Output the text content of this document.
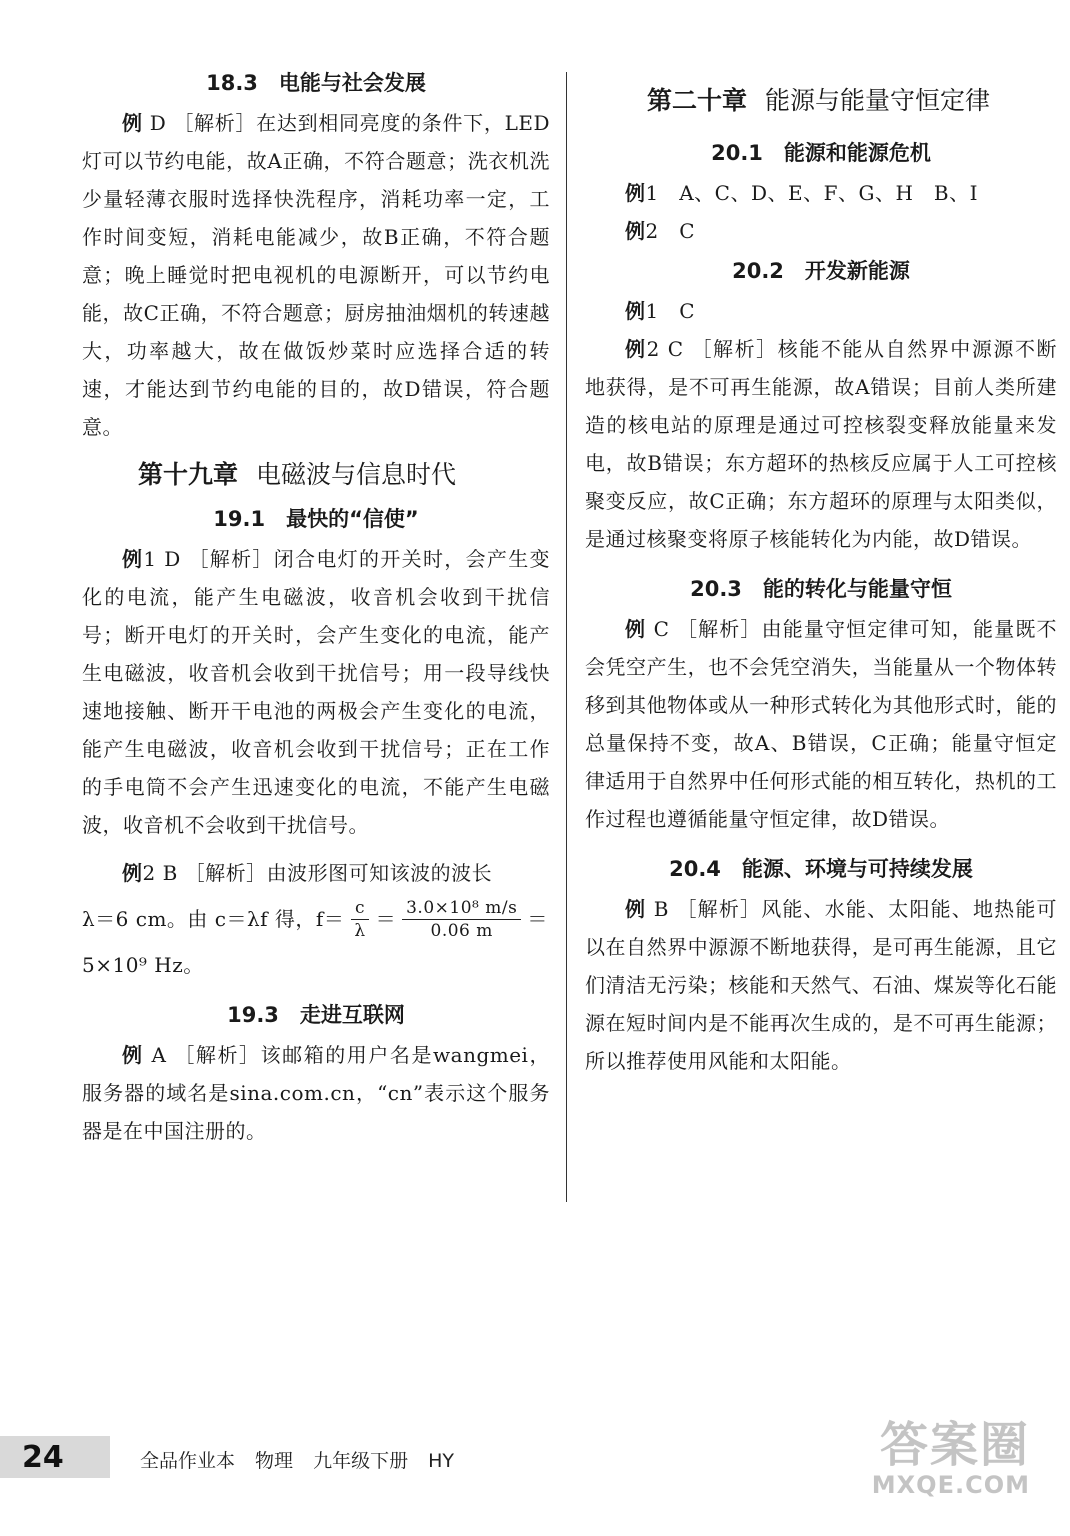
18.3　电能与社会发展

例 D ［解析］在达到相同亮度的条件下，LED灯可以节约电能，故A正确，不符合题意；洗衣机洗少量轻薄衣服时选择快洗程序，消耗功率一定，工作时间变短，消耗电能减少，故B正确，不符合题意；晚上睡觉时把电视机的电源断开，可以节约电能，故C正确，不符合题意；厨房抽油烟机的转速越大，功率越大，故在做饭炒菜时应选择合适的转速，才能达到节约电能的目的，故D错误，符合题意。

第十九章 电磁波与信息时代
19.1　最快的“信使”

例1 D ［解析］闭合电灯的开关时，会产生变化的电流，能产生电磁波，收音机会收到干扰信号；断开电灯的开关时，会产生变化的电流，能产生电磁波，收音机会收到干扰信号；用一段导线快速地接触、断开干电池的两极会产生变化的电流，能产生电磁波，收音机会收到干扰信号；正在工作的手电筒不会产生迅速变化的电流，不能产生电磁波，收音机不会收到干扰信号。

例2 B ［解析］由波形图可知该波的波长

λ＝6 cm。由 c＝λf 得，$f= \frac{c}{\lambda} = \frac{\text{3.0×10⁸ m/s}}{0.06 m}$ ＝

5×10⁹ Hz。

19.3　走进互联网

例 A ［解析］该邮箱的用户名是wangmei，服务器的域名是sina.com.cn，“cn”表示这个服务器是在中国注册的。

第二十章 能源与能量守恒定律
20.1　能源和能源危机

例1　 A、C、D、E、F、G、H　B、I

例2　 C

20.2　开发新能源

例1　 C

例2 C ［解析］核能不能从自然界中源源不断地获得，是不可再生能源，故A错误；目前人类所建造的核电站的原理是通过可控核裂变释放能量来发电，故B错误；东方超环的热核反应属于人工可控核聚变反应，故C正确；东方超环的原理与太阳类似，是通过核聚变将原子核能转化为内能，故D错误。

20.3　能的转化与能量守恒

例 C ［解析］由能量守恒定律可知，能量既不会凭空产生，也不会凭空消失，当能量从一个物体转移到其他物体或从一种形式转化为其他形式时，能的总量保持不变，故A、B错误，C正确；能量守恒定律适用于自然界中任何形式能的相互转化，热机的工作过程也遵循能量守恒定律，故D错误。

20.4　能源、环境与可持续发展

例 B ［解析］风能、水能、太阳能、地热能可以在自然界中源源不断地获得，是可再生能源，且它们清洁无污染；核能和天然气、石油、煤炭等化石能源在短时间内是不能再次生成的，是不可再生能源；所以推荐使用风能和太阳能。

24	全品作业本 物理 九年级下册 HY	答案圈
MXQE.COM
